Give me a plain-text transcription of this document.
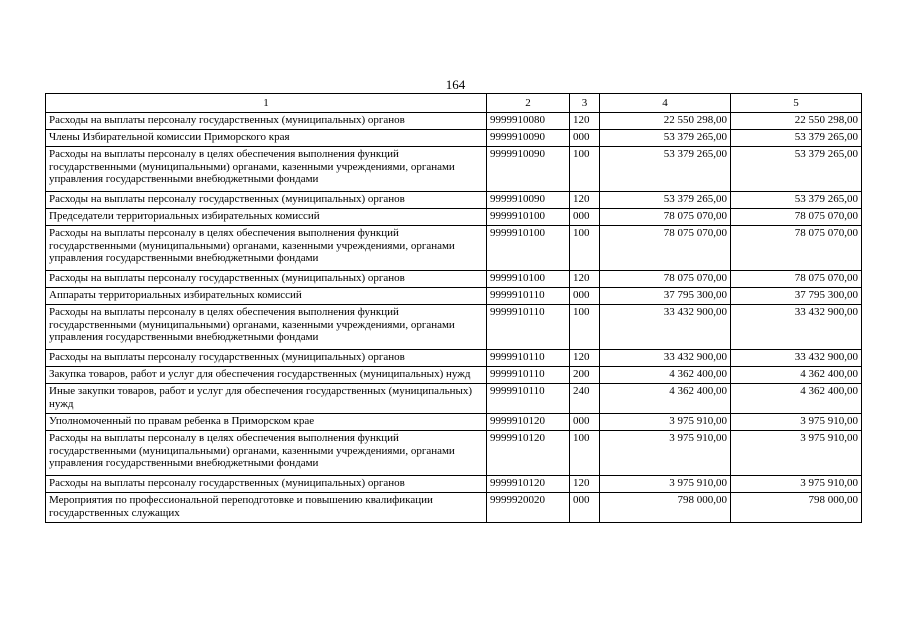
164
1	2	3	4	5
Расходы на выплаты персоналу государственных (муниципальных) органов	9999910080	120	22 550 298,00	22 550 298,00
Члены Избирательной комиссии Приморского края	9999910090	000	53 379 265,00	53 379 265,00
Расходы на выплаты персоналу в целях обеспечения выполнения функций государственными (муниципальными) органами, казенными учреждениями, органами управления государственными внебюджетными фондами	9999910090	100	53 379 265,00	53 379 265,00
Расходы на выплаты персоналу государственных (муниципальных) органов	9999910090	120	53 379 265,00	53 379 265,00
Председатели территориальных избирательных комиссий	9999910100	000	78 075 070,00	78 075 070,00
Расходы на выплаты персоналу в целях обеспечения выполнения функций государственными (муниципальными) органами, казенными учреждениями, органами управления государственными внебюджетными фондами	9999910100	100	78 075 070,00	78 075 070,00
Расходы на выплаты персоналу государственных (муниципальных) органов	9999910100	120	78 075 070,00	78 075 070,00
Аппараты территориальных избирательных комиссий	9999910110	000	37 795 300,00	37 795 300,00
Расходы на выплаты персоналу в целях обеспечения выполнения функций государственными (муниципальными) органами, казенными учреждениями, органами управления государственными внебюджетными фондами	9999910110	100	33 432 900,00	33 432 900,00
Расходы на выплаты персоналу государственных (муниципальных) органов	9999910110	120	33 432 900,00	33 432 900,00
Закупка товаров, работ и услуг для обеспечения государственных (муниципальных) нужд	9999910110	200	4 362 400,00	4 362 400,00
Иные закупки товаров, работ и услуг для обеспечения государственных (муниципальных) нужд	9999910110	240	4 362 400,00	4 362 400,00
Уполномоченный по правам ребенка в Приморском крае	9999910120	000	3 975 910,00	3 975 910,00
Расходы на выплаты персоналу в целях обеспечения выполнения функций государственными (муниципальными) органами, казенными учреждениями, органами управления государственными внебюджетными фондами	9999910120	100	3 975 910,00	3 975 910,00
Расходы на выплаты персоналу государственных (муниципальных) органов	9999910120	120	3 975 910,00	3 975 910,00
Мероприятия по профессиональной переподготовке и повышению квалификации государственных служащих	9999920020	000	798 000,00	798 000,00
